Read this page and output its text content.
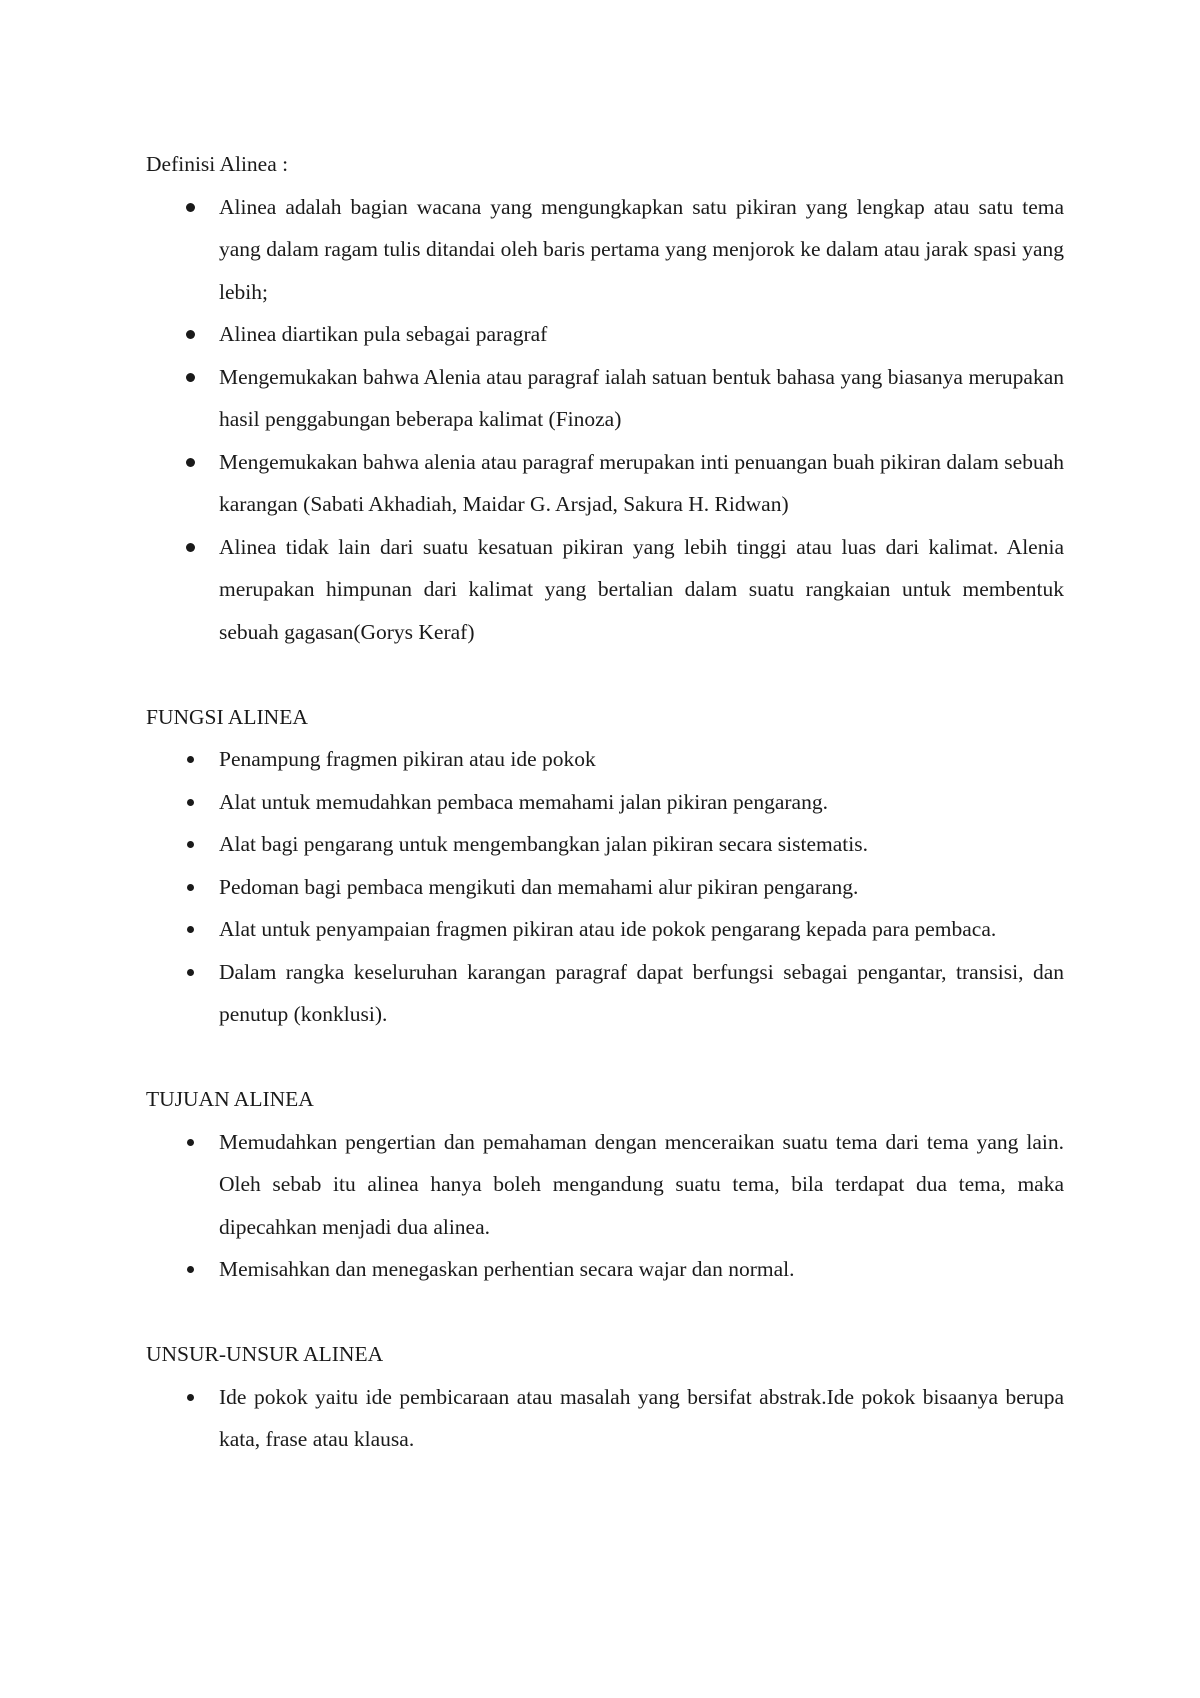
Definisi Alinea :
Alinea adalah bagian wacana yang mengungkapkan satu pikiran yang lengkap atau satu tema yang dalam ragam tulis ditandai oleh baris pertama yang menjorok ke dalam atau jarak spasi yang lebih;
Alinea diartikan pula sebagai paragraf
Mengemukakan bahwa Alenia atau paragraf ialah satuan bentuk bahasa yang biasanya merupakan hasil penggabungan beberapa kalimat (Finoza)
Mengemukakan bahwa alenia atau paragraf merupakan inti penuangan buah pikiran dalam sebuah karangan (Sabati Akhadiah, Maidar G. Arsjad, Sakura H. Ridwan)
Alinea tidak lain dari suatu kesatuan pikiran yang lebih tinggi atau luas dari kalimat. Alenia merupakan himpunan dari kalimat yang bertalian dalam suatu rangkaian untuk membentuk sebuah gagasan(Gorys Keraf)
FUNGSI ALINEA
Penampung fragmen pikiran atau ide pokok
Alat untuk memudahkan pembaca memahami jalan pikiran pengarang.
Alat bagi pengarang untuk mengembangkan jalan pikiran secara sistematis.
Pedoman bagi pembaca mengikuti dan memahami alur pikiran pengarang.
Alat untuk penyampaian fragmen pikiran atau ide pokok pengarang kepada para pembaca.
Dalam rangka keseluruhan karangan paragraf dapat berfungsi sebagai pengantar, transisi, dan penutup (konklusi).
TUJUAN ALINEA
Memudahkan pengertian dan pemahaman dengan menceraikan suatu tema dari tema yang lain. Oleh sebab itu alinea hanya boleh mengandung suatu tema, bila terdapat dua tema, maka dipecahkan menjadi dua alinea.
Memisahkan dan menegaskan perhentian secara wajar dan normal.
UNSUR-UNSUR ALINEA
Ide pokok yaitu ide pembicaraan atau masalah yang bersifat abstrak.Ide pokok bisaanya berupa kata, frase atau klausa.
